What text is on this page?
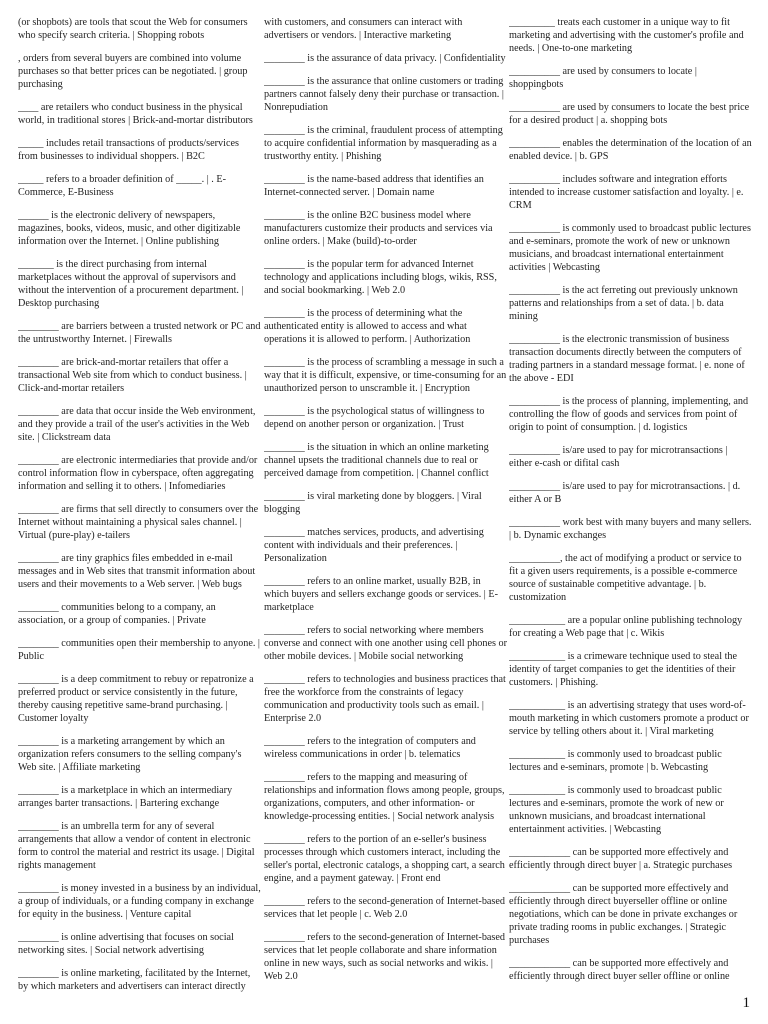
(or shopbots) are tools that scout the Web for consumers who specify search criteria. | Shopping robots

, orders from several buyers are combined into volume purchases so that better prices can be negotiated. | group purchasing

____ are retailers who conduct business in the physical world, in traditional stores | Brick-and-mortar distributors

_____ includes retail transactions of products/services from businesses to individual shoppers. | B2C

_____ refers to a broader definition of _____. | . E-Commerce, E-Business

______ is the electronic delivery of newspapers, magazines, books, videos, music, and other digitizable information over the Internet. | Online publishing

_______ is the direct purchasing from internal marketplaces without the approval of supervisors and without the intervention of a procurement department. | Desktop purchasing

________ are barriers between a trusted network or PC and the untrustworthy Internet. | Firewalls

________ are brick-and-mortar retailers that offer a transactional Web site from which to conduct business. | Click-and-mortar retailers

________ are data that occur inside the Web environment, and they provide a trail of the user's activities in the Web site. | Clickstream data

________ are electronic intermediaries that provide and/or control information flow in cyberspace, often aggregating information and selling it to others. | Infomediaries

________ are firms that sell directly to consumers over the Internet without maintaining a physical sales channel. | Virtual (pure-play) e-tailers

________ are tiny graphics files embedded in e-mail messages and in Web sites that transmit information about users and their movements to a Web server. | Web bugs

________ communities belong to a company, an association, or a group of companies. | Private

________ communities open their membership to anyone. | Public

________ is a deep commitment to rebuy or repatronize a preferred product or service consistently in the future, thereby causing repetitive same-brand purchasing. | Customer loyalty

________ is a marketing arrangement by which an organization refers consumers to the selling company's Web site. | Affiliate marketing

________ is a marketplace in which an intermediary arranges barter transactions. | Bartering exchange

________ is an umbrella term for any of several arrangements that allow a vendor of content in electronic form to control the material and restrict its usage. | Digital rights management

________ is money invested in a business by an individual, a group of individuals, or a funding company in exchange for equity in the business. | Venture capital

________ is online advertising that focuses on social networking sites. | Social network advertising

________ is online marketing, facilitated by the Internet, by which marketers and advertisers can interact directly

with customers, and consumers can interact with advertisers or vendors. | Interactive marketing

________ is the assurance of data privacy. | Confidentiality

________ is the assurance that online customers or trading partners cannot falsely deny their purchase or transaction. | Nonrepudiation

________ is the criminal, fraudulent process of attempting to acquire confidential information by masquerading as a trustworthy entity. | Phishing

________ is the name-based address that identifies an Internet-connected server. | Domain name

________ is the online B2C business model where manufacturers customize their products and services via online orders. | Make (build)-to-order

________ is the popular term for advanced Internet technology and applications including blogs, wikis, RSS, and social bookmarking. | Web 2.0

________ is the process of determining what the authenticated entity is allowed to access and what operations it is allowed to perform. | Authorization

________ is the process of scrambling a message in such a way that it is difficult, expensive, or time-consuming for an unauthorized person to unscramble it. | Encryption

________ is the psychological status of willingness to depend on another person or organization. | Trust

________ is the situation in which an online marketing channel upsets the traditional channels due to real or perceived damage from competition. | Channel conflict

________ is viral marketing done by bloggers. | Viral blogging

________ matches services, products, and advertising content with individuals and their preferences. | Personalization

________ refers to an online market, usually B2B, in which buyers and sellers exchange goods or services. | E-marketplace

________ refers to social networking where members converse and connect with one another using cell phones or other mobile devices. | Mobile social networking

________ refers to technologies and business practices that free the workforce from the constraints of legacy communication and productivity tools such as email. | Enterprise 2.0

________ refers to the integration of computers and wireless communications in order | b. telematics

________ refers to the mapping and measuring of relationships and information flows among people, groups, organizations, computers, and other information- or knowledge-processing entities. | Social network analysis

________ refers to the portion of an e-seller's business processes through which customers interact, including the seller's portal, electronic catalogs, a shopping cart, a search engine, and a payment gateway. | Front end

________ refers to the second-generation of Internet-based services that let people | c. Web 2.0

________ refers to the second-generation of Internet-based services that let people collaborate and share information online in new ways, such as social networks and wikis. | Web 2.0

_________ treats each customer in a unique way to fit marketing and advertising with the customer's profile and needs. | One-to-one marketing

__________ are used by consumers to locate | shoppingbots

__________ are used by consumers to locate the best price for a desired product | a. shopping bots

__________ enables the determination of the location of an enabled device. | b. GPS

__________ includes software and integration efforts intended to increase customer satisfaction and loyalty. | e. CRM

__________ is commonly used to broadcast public lectures and e-seminars, promote the work of new or unknown musicians, and broadcast international entertainment activities | Webcasting

__________ is the act ferreting out previously unknown patterns and relationships from a set of data. | b. data mining

__________ is the electronic transmission of business transaction documents directly between the computers of trading partners in a standard message format. | e. none of the above - EDI

__________ is the process of planning, implementing, and controlling the flow of goods and services from point of origin to point of consumption. | d. logistics

__________ is/are used to pay for microtransactions | either e-cash or difital cash

__________ is/are used to pay for microtransactions. | d. either A or B

__________ work best with many buyers and many sellers. | b. Dynamic exchanges

__________, the act of modifying a product or service to fit a given users requirements, is a possible e-commerce source of sustainable competitive advantage. | b. customization

___________ are a popular online publishing technology for creating a Web page that | c. Wikis

___________ is a crimeware technique used to steal the identity of target companies to get the identities of their customers. | Phishing.

___________ is an advertising strategy that uses word-of-mouth marketing in which customers promote a product or service by telling others about it. | Viral marketing

___________ is commonly used to broadcast public lectures and e-seminars, promote | b. Webcasting

___________ is commonly used to broadcast public lectures and e-seminars, promote the work of new or unknown musicians, and broadcast international entertainment activities. | Webcasting

____________ can be supported more effectively and efficiently through direct buyer | a. Strategic purchases

____________ can be supported more effectively and efficiently through direct buyerseller offline or online negotiations, which can be done in private exchanges or private trading rooms in public exchanges. | Strategic purchases

____________ can be supported more effectively and efficiently through direct buyer seller offline or online

1
